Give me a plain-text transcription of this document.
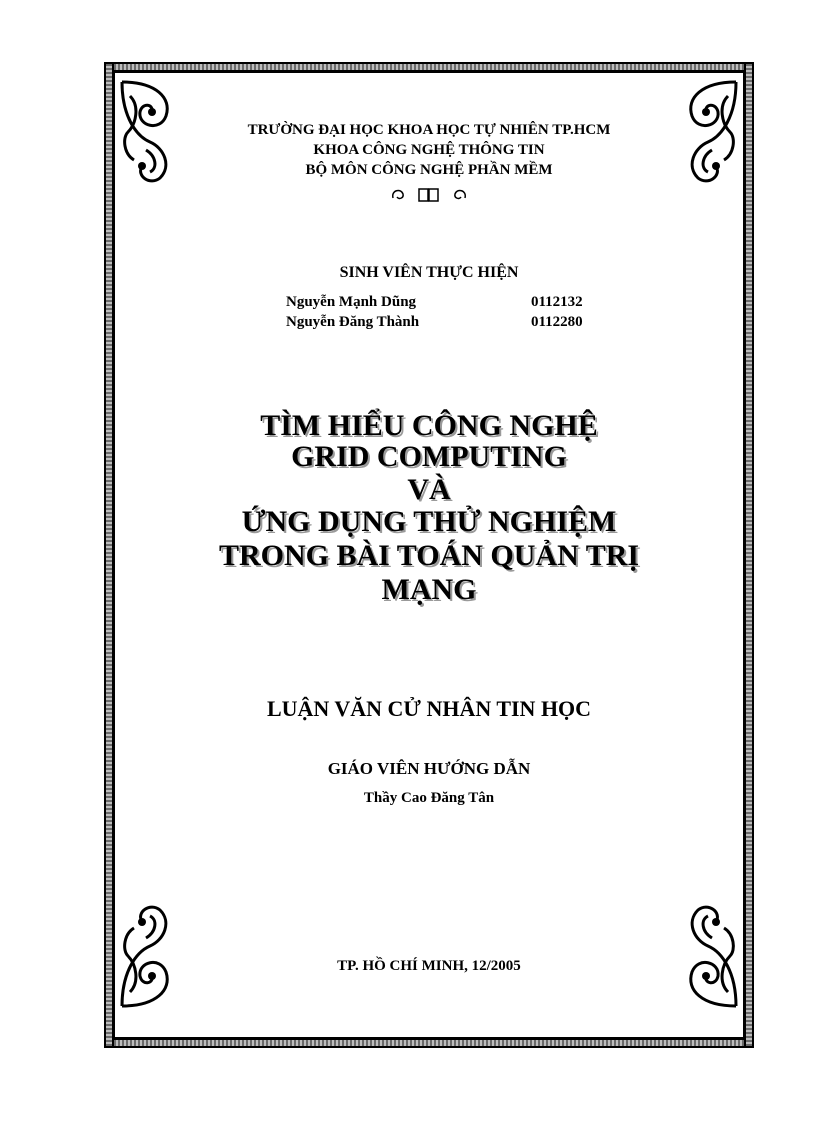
TRƯỜNG ĐẠI HỌC KHOA HỌC TỰ NHIÊN TP.HCM
KHOA CÔNG NGHỆ THÔNG TIN
BỘ MÔN CÔNG NGHỆ PHẦN MỀM
SINH VIÊN THỰC HIỆN
Nguyễn Mạnh Dũng	0112132
Nguyễn Đăng Thành	0112280
TÌM HIỂU CÔNG NGHỆ
GRID COMPUTING
VÀ
ỨNG DỤNG THỬ NGHIỆM
TRONG BÀI TOÁN QUẢN TRỊ
MẠNG
LUẬN VĂN CỬ NHÂN TIN HỌC
GIÁO VIÊN HƯỚNG DẪN
Thầy Cao Đăng Tân
TP. HỒ CHÍ MINH, 12/2005
